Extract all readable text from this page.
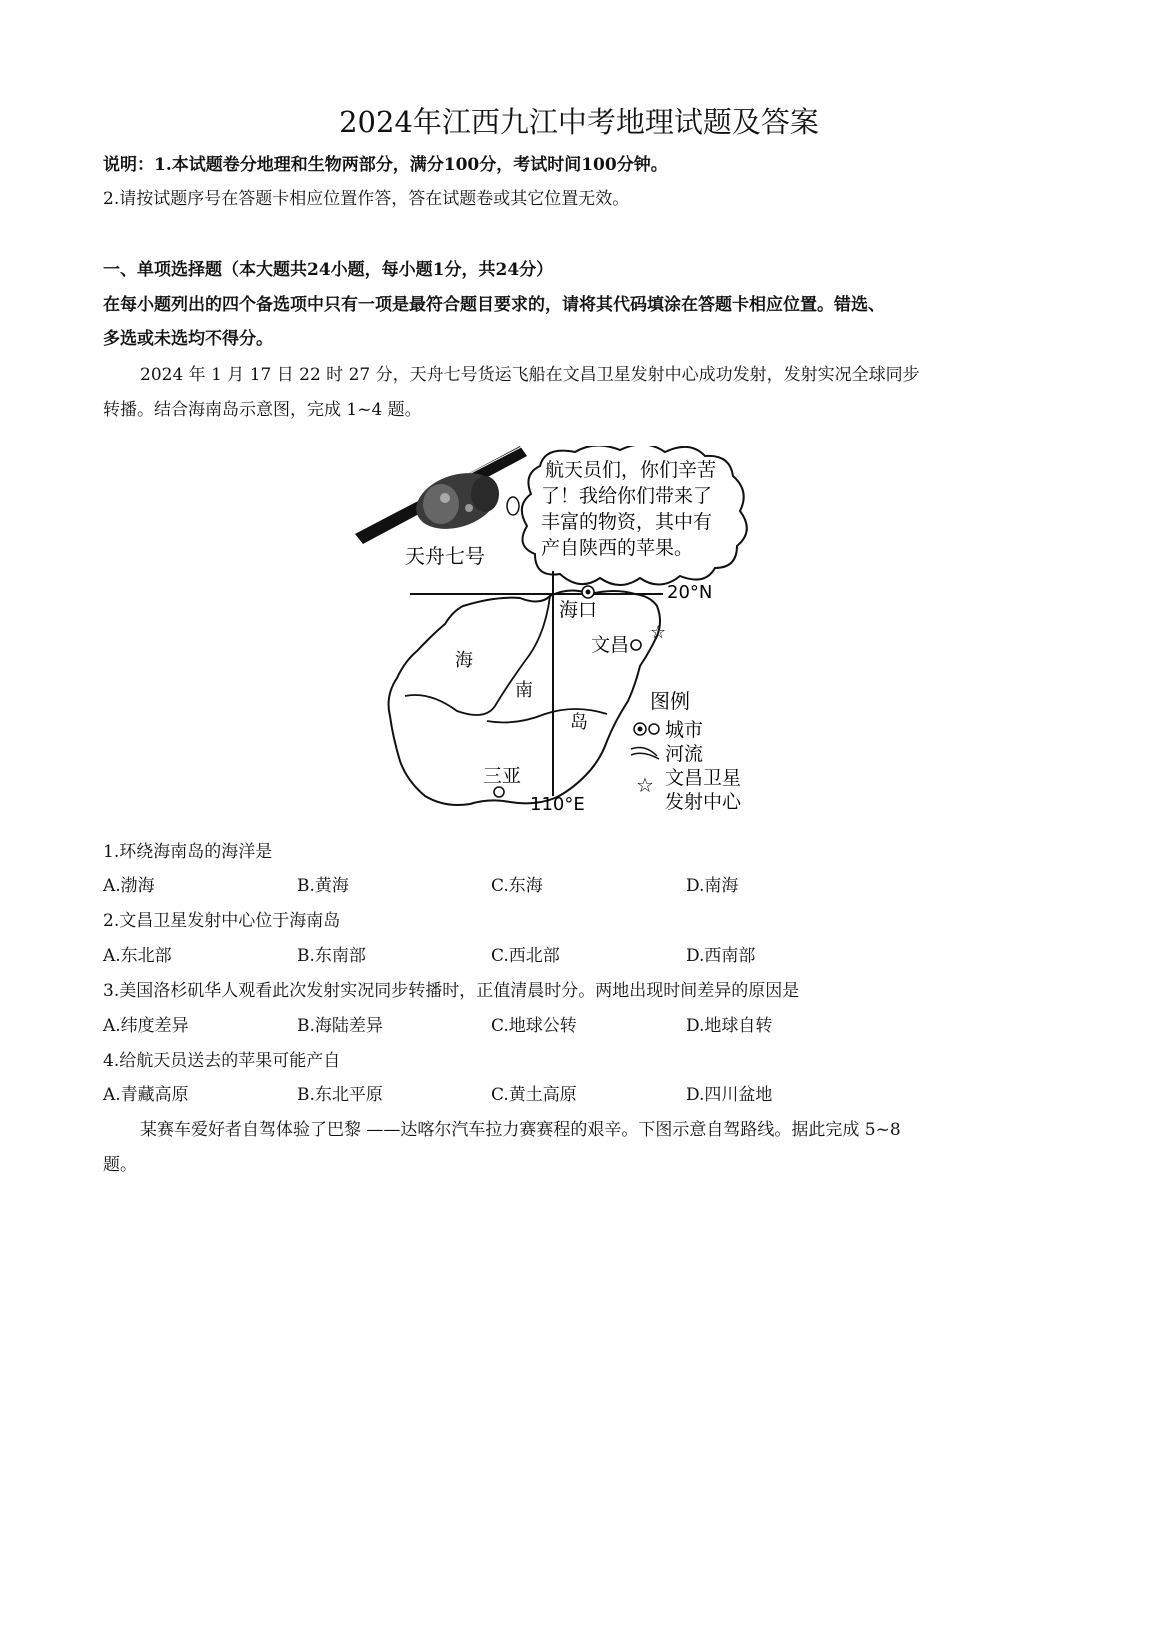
2024年江西九江中考地理试题及答案
说明：1.本试题卷分地理和生物两部分，满分100分，考试时间100分钟。
2.请按试题序号在答题卡相应位置作答，答在试题卷或其它位置无效。
一、单项选择题（本大题共24小题，每小题1分，共24分）
在每小题列出的四个备选项中只有一项是最符合题目要求的，请将其代码填涂在答题卡相应位置。错选、
多选或未选均不得分。
2024 年 1 月 17 日 22 时 27 分，天舟七号货运飞船在文昌卫星发射中心成功发射，发射实况全球同步
转播。结合海南岛示意图，完成 1~4 题。
航天员们，你们辛苦
了！我给你们带来了
丰富的物资，其中有
产自陕西的苹果。
天舟七号
20°N
110°E
海口
文昌
三亚
☆
海
南
岛
图例
城市
河流
☆ 文昌卫星
发射中心
1.环绕海南岛的海洋是
A.渤海	B.黄海	C.东海	D.南海
2.文昌卫星发射中心位于海南岛
A.东北部	B.东南部	C.西北部	D.西南部
3.美国洛杉矶华人观看此次发射实况同步转播时，正值清晨时分。两地出现时间差异的原因是
A.纬度差异	B.海陆差异	C.地球公转	D.地球自转
4.给航天员送去的苹果可能产自
A.青藏高原	B.东北平原	C.黄土高原	D.四川盆地
某赛车爱好者自驾体验了巴黎 ——达喀尔汽车拉力赛赛程的艰辛。下图示意自驾路线。据此完成 5~8
题。
